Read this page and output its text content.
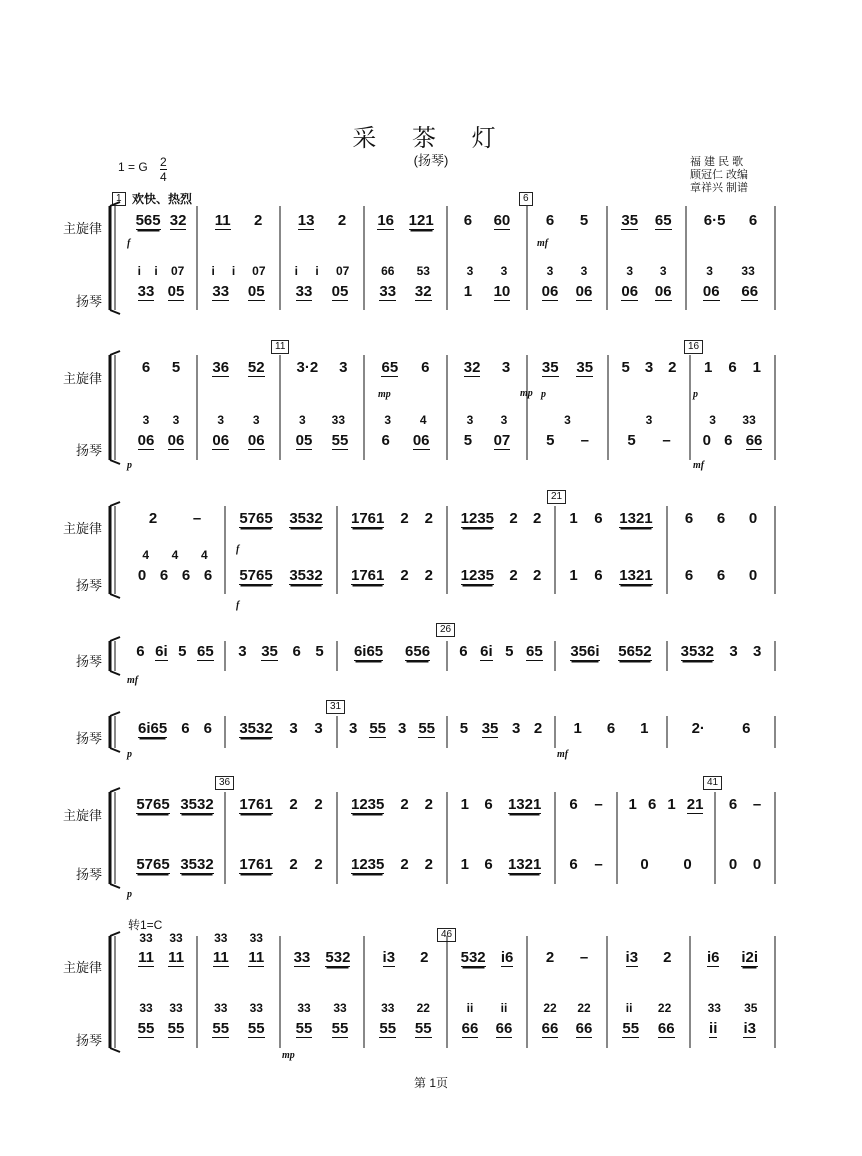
采 茶 灯
(扬琴)	福 建 民 歌
顾冠仁 改编
章祥兴 制谱
1 = G $\frac{2}{4}$
欢快、热烈
1	6
11	16
21
26
31
36	41
46
主旋律
扬琴
主旋律
扬琴
主旋律
扬琴
扬琴
扬琴
主旋律
扬琴
主旋律
扬琴
转1=C
565 32 11 2 13 2 16 121 6 60 6 5 35 65 6·5 6
i i 07 i i 07 i i 07	66 53	3 3	3 3	3 3	3 33
33 05 33 05 33 05 33 32 1 10 06 06 06 06 06 66
6 5 36 52 3·2 3 65 6 32 3 35 35 5 3 2 1 6 1
3 3	3 3	3 33	3 4	3 3	3	3	3 33
06 06 06 06 05 55 6 06 5 07 5 –	5 – 0 6 66
2 –	5765 3532 1761 2 2 1235 2 2 1 6 1321 6 6 0
4 4 4
0 6 6 6 5765 3532 1761 2 2 1235 2 2 1 6 1321 6 6 0
6 6i 5 65 3 35 6 5 6i65 656 6 6i 5 65 356i 5652 3532 3 3
6i65 6 6 3532 3 3 3 55 3 55 5 35 3 2 1 6 1	2· 6
5765 3532 1761 2 2 1235 2 2 1 6 1321 6 – 1 6 1 21 6 –
5765 3532 1761 2 2 1235 2 2 1 6 1321 6 –	0 0 0 0
33 33	33 33
11 11 11 11 33 532 i3 2 532 i6 2 – i3 2 i6 i2i
33 33	33 33	33 33	33 22	ii ii	22 22	ii 22	33 35
55 55 55 55 55 55 55 55 66 66 66 66 55 66 ii i3
f	mf
mp	p	p
f
mp
p	mf
f
mf
p	mf
p
mp
第 1页
